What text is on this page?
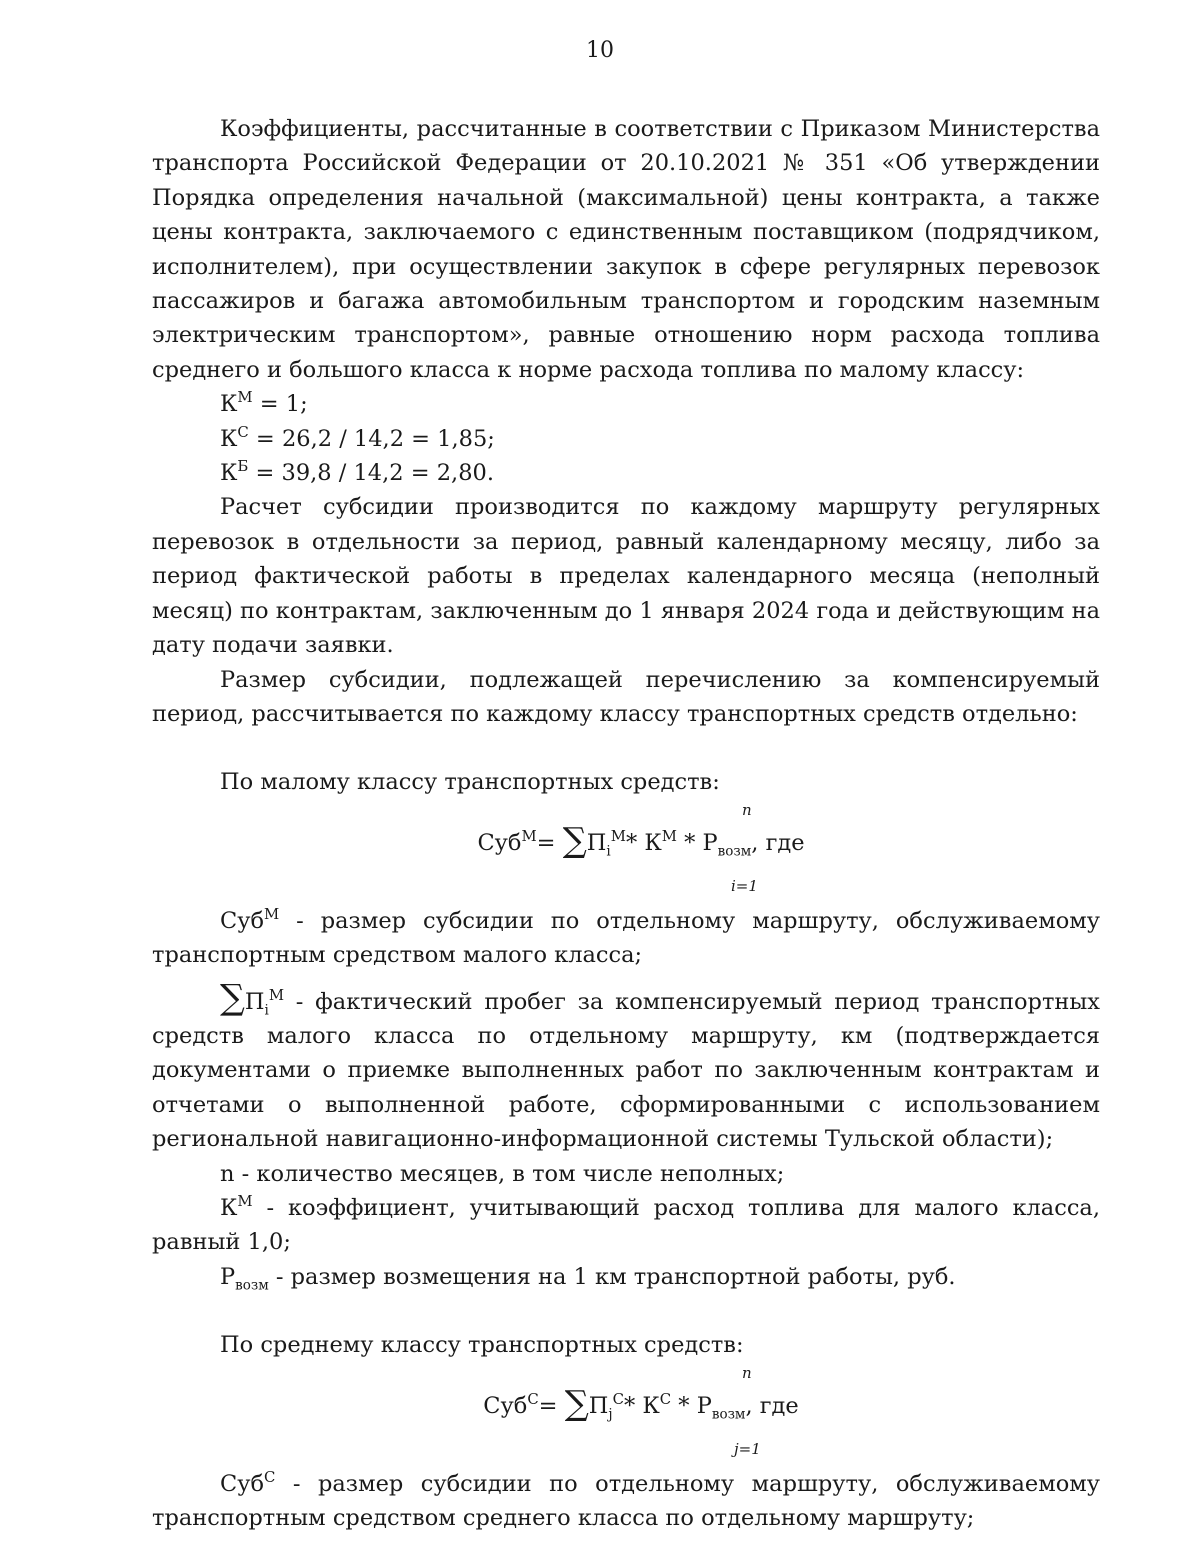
10

Коэффициенты, рассчитанные в соответствии с Приказом Министерства транспорта Российской Федерации от 20.10.2021 № 351 «Об утверждении Порядка определения начальной (максимальной) цены контракта, а также цены контракта, заключаемого с единственным поставщиком (подрядчиком, исполнителем), при осуществлении закупок в сфере регулярных перевозок пассажиров и багажа автомобильным транспортом и городским наземным электрическим транспортом», равные отношению норм расхода топлива среднего и большого класса к норме расхода топлива по малому классу:

$К^М = 1$;

$К^С = 26,2 / 14,2 = 1,85$;

$К^Б = 39,8 / 14,2 = 2,80$.

Расчет субсидии производится по каждому маршруту регулярных перевозок в отдельности за период, равный календарному месяцу, либо за период фактической работы в пределах календарного месяца (неполный месяц) по контрактам, заключенным до 1 января 2024 года и действующим на дату подачи заявки.

Размер субсидии, подлежащей перечислению за компенсируемый период, рассчитывается по каждому классу транспортных средств отдельно:

По малому классу транспортных средств:

n
$Суб^М= \sum П_i^М*$ $К^М * Р_{возм}$, где
i=1

Суб$^М$ - размер субсидии по отдельному маршруту, обслуживаемому транспортным средством малого класса;

$\sum П_i^М$ - фактический пробег за компенсируемый период транспортных средств малого класса по отдельному маршруту, км (подтверждается документами о приемке выполненных работ по заключенным контрактам и отчетами о выполненной работе, сформированными с использованием региональной навигационно-информационной системы Тульской области);

n - количество месяцев, в том числе неполных;

$К^М$ - коэффициент, учитывающий расход топлива для малого класса, равный 1,0;

$Р_{возм}$ - размер возмещения на 1 км транспортной работы, руб.

По среднему классу транспортных средств:

n
$Суб^С= \sum П_j^С*$ $К^С * Р_{возм}$, где
j=1

Суб$^С$ - размер субсидии по отдельному маршруту, обслуживаемому транспортным средством среднего класса по отдельному маршруту;
